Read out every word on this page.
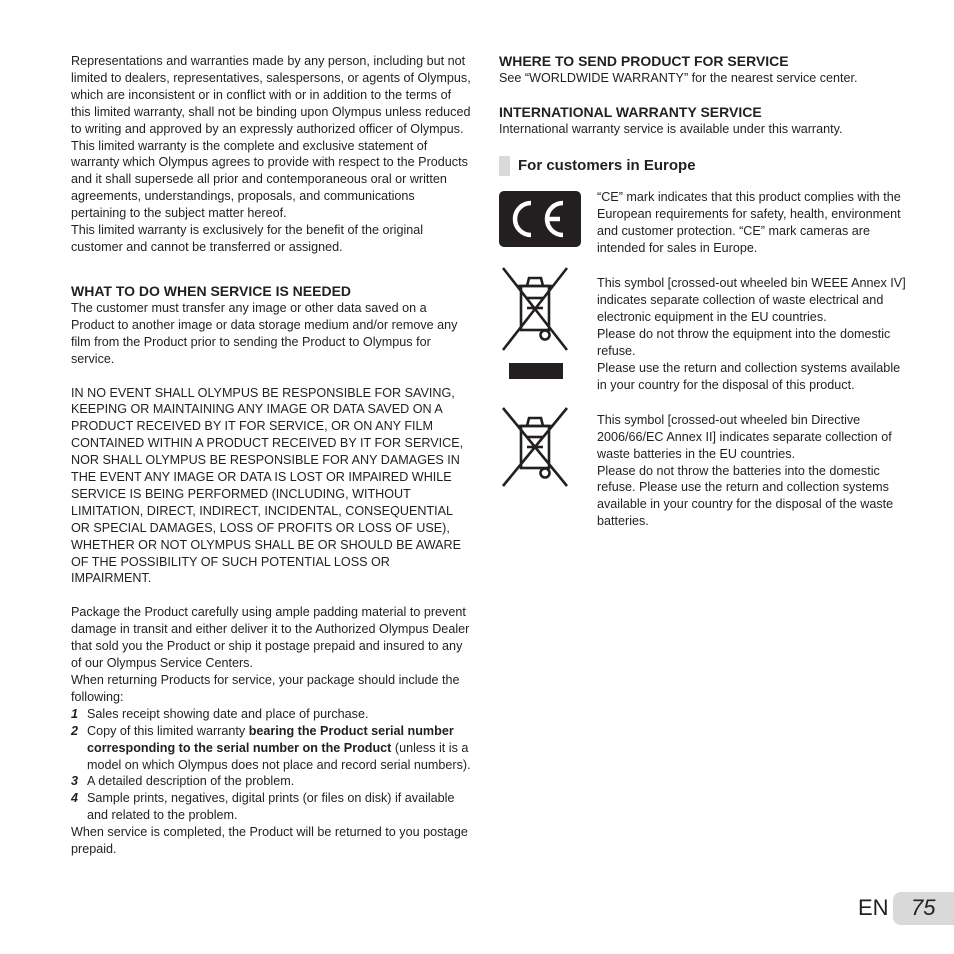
Representations and warranties made by any person, including but not limited to dealers, representatives, salespersons, or agents of Olympus, which are inconsistent or in conflict with or in addition to the terms of this limited warranty, shall not be binding upon Olympus unless reduced to writing and approved by an expressly authorized officer of Olympus.

This limited warranty is the complete and exclusive statement of warranty which Olympus agrees to provide with respect to the Products and it shall supersede all prior and contemporaneous oral or written agreements, understandings, proposals, and communications pertaining to the subject matter hereof.

This limited warranty is exclusively for the benefit of the original customer and cannot be transferred or assigned.

WHAT TO DO WHEN SERVICE IS NEEDED

The customer must transfer any image or other data saved on a Product to another image or data storage medium and/or remove any film from the Product prior to sending the Product to Olympus for service.

IN NO EVENT SHALL OLYMPUS BE RESPONSIBLE FOR SAVING, KEEPING OR MAINTAINING ANY IMAGE OR DATA SAVED ON A PRODUCT RECEIVED BY IT FOR SERVICE, OR ON ANY FILM CONTAINED WITHIN A PRODUCT RECEIVED BY IT FOR SERVICE, NOR SHALL OLYMPUS BE RESPONSIBLE FOR ANY DAMAGES IN THE EVENT ANY IMAGE OR DATA IS LOST OR IMPAIRED WHILE SERVICE IS BEING PERFORMED (INCLUDING, WITHOUT LIMITATION, DIRECT, INDIRECT, INCIDENTAL, CONSEQUENTIAL OR SPECIAL DAMAGES, LOSS OF PROFITS OR LOSS OF USE), WHETHER OR NOT OLYMPUS SHALL BE OR SHOULD BE AWARE OF THE POSSIBILITY OF SUCH POTENTIAL LOSS OR IMPAIRMENT.

Package the Product carefully using ample padding material to prevent damage in transit and either deliver it to the Authorized Olympus Dealer that sold you the Product or ship it postage prepaid and insured to any of our Olympus Service Centers.

When returning Products for service, your package should include the following:

1 Sales receipt showing date and place of purchase.
2 Copy of this limited warranty bearing the Product serial number corresponding to the serial number on the Product (unless it is a model on which Olympus does not place and record serial numbers).
3 A detailed description of the problem.
4 Sample prints, negatives, digital prints (or files on disk) if available and related to the problem.

When service is completed, the Product will be returned to you postage prepaid.

WHERE TO SEND PRODUCT FOR SERVICE

See “WORLDWIDE WARRANTY” for the nearest service center.

INTERNATIONAL WARRANTY SERVICE

International warranty service is available under this warranty.

For customers in Europe

“CE” mark indicates that this product complies with the European requirements for safety, health, environment and customer protection. “CE” mark cameras are intended for sales in Europe.

This symbol [crossed-out wheeled bin WEEE Annex IV] indicates separate collection of waste electrical and electronic equipment in the EU countries.

Please do not throw the equipment into the domestic refuse.

Please use the return and collection systems available in your country for the disposal of this product.

This symbol [crossed-out wheeled bin Directive 2006/66/EC Annex II] indicates separate collection of waste batteries in the EU countries.

Please do not throw the batteries into the domestic refuse. Please use the return and collection systems available in your country for the disposal of the waste batteries.

EN 75
